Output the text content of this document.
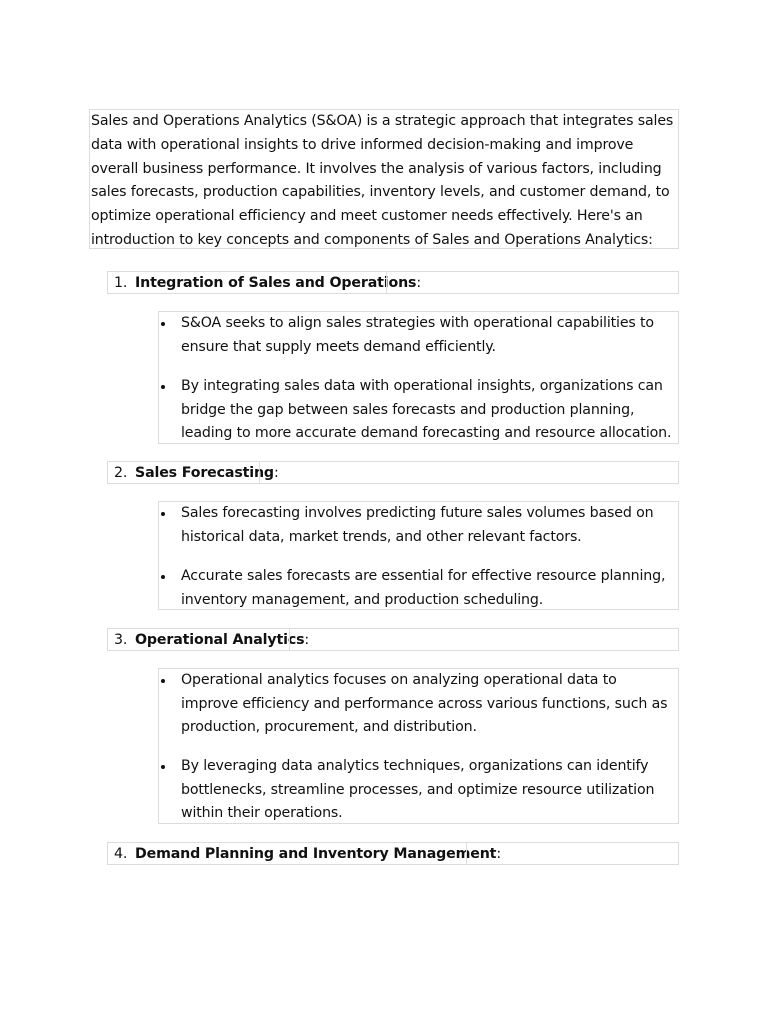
Sales and Operations Analytics (S&OA) is a strategic approach that integrates sales data with operational insights to drive informed decision-making and improve overall business performance. It involves the analysis of various factors, including sales forecasts, production capabilities, inventory levels, and customer demand, to optimize operational efficiency and meet customer needs effectively. Here's an introduction to key concepts and components of Sales and Operations Analytics:
1. Integration of Sales and Operations:
S&OA seeks to align sales strategies with operational capabilities to ensure that supply meets demand efficiently.
By integrating sales data with operational insights, organizations can bridge the gap between sales forecasts and production planning, leading to more accurate demand forecasting and resource allocation.
2. Sales Forecasting:
Sales forecasting involves predicting future sales volumes based on historical data, market trends, and other relevant factors.
Accurate sales forecasts are essential for effective resource planning, inventory management, and production scheduling.
3. Operational Analytics:
Operational analytics focuses on analyzing operational data to improve efficiency and performance across various functions, such as production, procurement, and distribution.
By leveraging data analytics techniques, organizations can identify bottlenecks, streamline processes, and optimize resource utilization within their operations.
4. Demand Planning and Inventory Management:
